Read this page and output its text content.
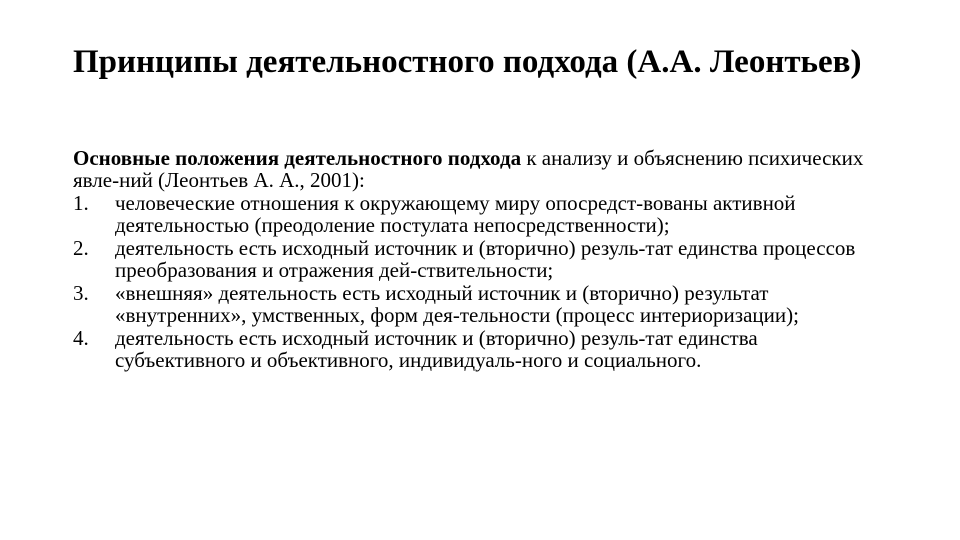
Принципы деятельностного подхода (А.А. Леонтьев)

Основные положения деятельностного подхода к анализу и объяснению психических явле-ний (Леонтьев А. А., 2001):

1. человеческие отношения к окружающему миру опосредст-вованы активной деятельностью (преодоление постулата непосредственности);
2. деятельность есть исходный источник и (вторично) резуль-тат единства процессов преобразования и отражения дей-ствительности;
3. «внешняя» деятельность есть исходный источник и (вторично) результат «внутренних», умственных, форм дея-тельности (процесс интериоризации);
4. деятельность есть исходный источник и (вторично) резуль-тат единства субъективного и объективного, индивидуаль-ного и социального.
